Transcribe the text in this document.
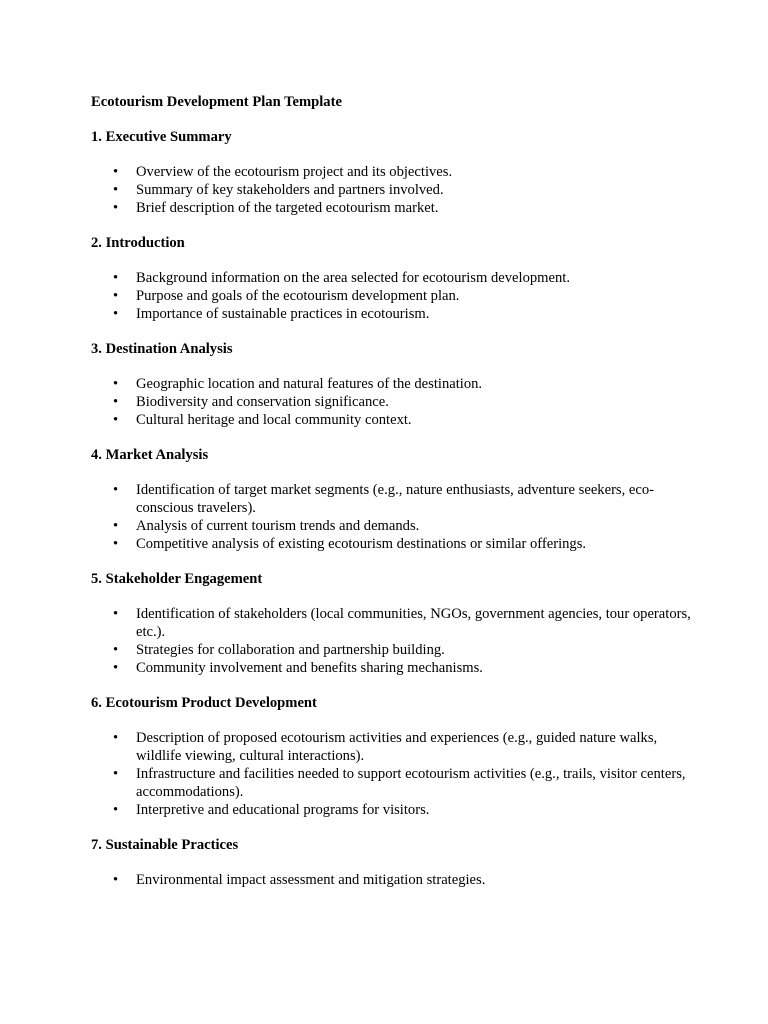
Ecotourism Development Plan Template
1. Executive Summary
• Overview of the ecotourism project and its objectives.
• Summary of key stakeholders and partners involved.
• Brief description of the targeted ecotourism market.
2. Introduction
• Background information on the area selected for ecotourism development.
• Purpose and goals of the ecotourism development plan.
• Importance of sustainable practices in ecotourism.
3. Destination Analysis
• Geographic location and natural features of the destination.
• Biodiversity and conservation significance.
• Cultural heritage and local community context.
4. Market Analysis
• Identification of target market segments (e.g., nature enthusiasts, adventure seekers, eco-conscious travelers).
• Analysis of current tourism trends and demands.
• Competitive analysis of existing ecotourism destinations or similar offerings.
5. Stakeholder Engagement
• Identification of stakeholders (local communities, NGOs, government agencies, tour operators, etc.).
• Strategies for collaboration and partnership building.
• Community involvement and benefits sharing mechanisms.
6. Ecotourism Product Development
• Description of proposed ecotourism activities and experiences (e.g., guided nature walks, wildlife viewing, cultural interactions).
• Infrastructure and facilities needed to support ecotourism activities (e.g., trails, visitor centers, accommodations).
• Interpretive and educational programs for visitors.
7. Sustainable Practices
• Environmental impact assessment and mitigation strategies.
